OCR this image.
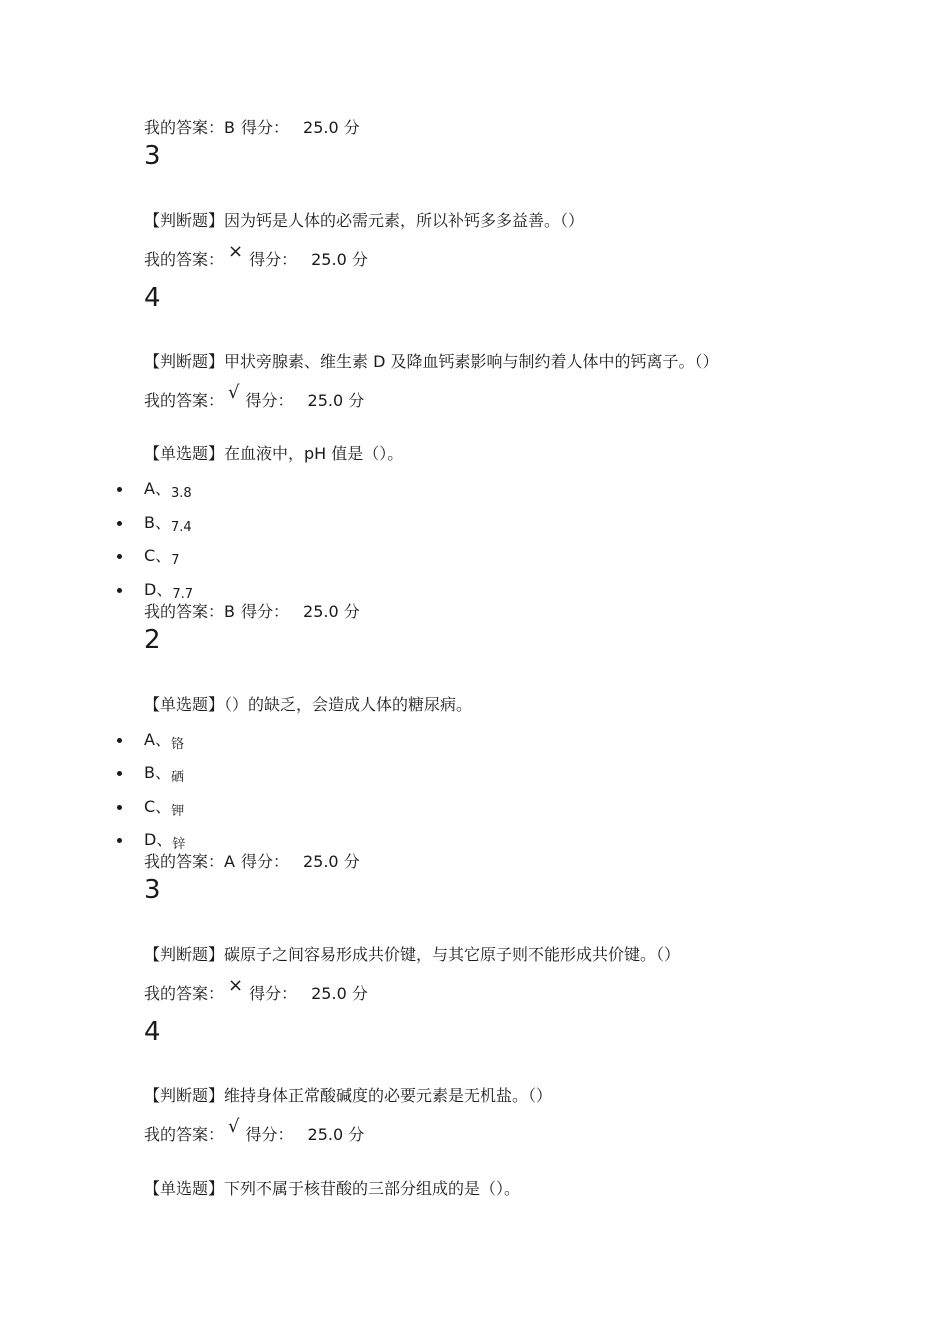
我的答案：B 得分： 25.0 分
3
【判断题】因为钙是人体的必需元素，所以补钙多多益善。（）
我的答案： × 得分： 25.0 分
4
【判断题】甲状旁腺素、维生素 D 及降血钙素影响与制约着人体中的钙离子。（）
我的答案： √ 得分： 25.0 分
【单选题】在血液中，pH 值是（）。
A、3.8
B、7.4
C、7
D、7.7
我的答案：B 得分： 25.0 分
2
【单选题】（）的缺乏，会造成人体的糖尿病。
A、铬
B、硒
C、钾
D、锌
我的答案：A 得分： 25.0 分
3
【判断题】碳原子之间容易形成共价键，与其它原子则不能形成共价键。（）
我的答案： × 得分： 25.0 分
4
【判断题】维持身体正常酸碱度的必要元素是无机盐。（）
我的答案： √ 得分： 25.0 分
【单选题】下列不属于核苷酸的三部分组成的是（）。
